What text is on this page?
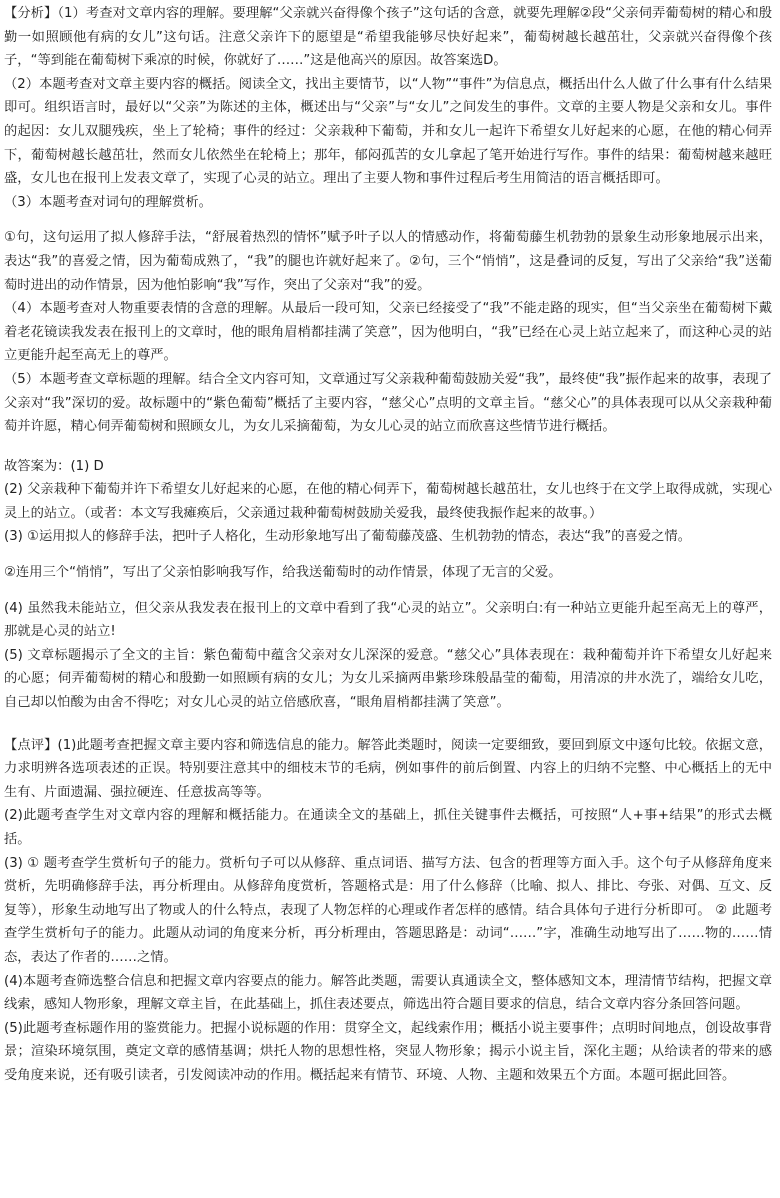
【分析】（1）考查对文章内容的理解。要理解“父亲就兴奋得像个孩子”这句话的含意，就要先理解②段“父亲伺弄葡萄树的精心和殷勤一如照顾他有病的女儿”这句话。注意父亲许下的愿望是“希望我能够尽快好起来”，葡萄树越长越茁壮，父亲就兴奋得像个孩子，“等到能在葡萄树下乘凉的时候，你就好了……”这是他高兴的原因。故答案选D。

（2）本题考查对文章主要内容的概括。阅读全文，找出主要情节，以“人物”“事件”为信息点，概括出什么人做了什么事有什么结果即可。组织语言时，最好以“父亲”为陈述的主体，概述出与“父亲”与“女儿”之间发生的事件。文章的主要人物是父亲和女儿。事件的起因：女儿双腿残疾，坐上了轮椅；事件的经过：父亲栽种下葡萄，并和女儿一起许下希望女儿好起来的心愿，在他的精心伺弄下，葡萄树越长越茁壮，然而女儿依然坐在轮椅上；那年，郁闷孤苦的女儿拿起了笔开始进行写作。事件的结果：葡萄树越来越旺盛，女儿也在报刊上发表文章了，实现了心灵的站立。理出了主要人物和事件过程后考生用简洁的语言概括即可。

（3）本题考查对词句的理解赏析。

①句，这句运用了拟人修辞手法，“舒展着热烈的情怀”赋予叶子以人的情感动作，将葡萄藤生机勃勃的景象生动形象地展示出来，表达“我”的喜爱之情，因为葡萄成熟了，“我”的腿也许就好起来了。②句，三个“悄悄”，这是叠词的反复，写出了父亲给“我”送葡萄时进出的动作情景，因为他怕影响“我”写作，突出了父亲对“我”的爱。

（4）本题考查对人物重要表情的含意的理解。从最后一段可知，父亲已经接受了“我”不能走路的现实，但“当父亲坐在葡萄树下戴着老花镜读我发表在报刊上的文章时，他的眼角眉梢都挂满了笑意”，因为他明白，“我”已经在心灵上站立起来了，而这种心灵的站立更能升起至高无上的尊严。

（5）本题考查文章标题的理解。结合全文内容可知，文章通过写父亲栽种葡萄鼓励关爱“我”，最终使“我”振作起来的故事，表现了父亲对“我”深切的爱。故标题中的“紫色葡萄”概括了主要内容，“慈父心”点明的文章主旨。“慈父心”的具体表现可以从父亲栽种葡萄并许愿，精心伺弄葡萄树和照顾女儿，为女儿采摘葡萄，为女儿心灵的站立而欣喜这些情节进行概括。

故答案为：(1) D

(2) 父亲栽种下葡萄并许下希望女儿好起来的心愿，在他的精心伺弄下，葡萄树越长越茁壮，女儿也终于在文学上取得成就，实现心灵上的站立。（或者：本文写我瘫痪后，父亲通过栽种葡萄树鼓励关爱我，最终使我振作起来的故事。）

(3) ①运用拟人的修辞手法，把叶子人格化，生动形象地写出了葡萄藤茂盛、生机勃勃的情态，表达“我”的喜爱之情。

②连用三个“悄悄”，写出了父亲怕影响我写作，给我送葡萄时的动作情景，体现了无言的父爱。

(4) 虽然我未能站立，但父亲从我发表在报刊上的文章中看到了我“心灵的站立”。父亲明白:有一种站立更能升起至高无上的尊严，那就是心灵的站立!

(5) 文章标题揭示了全文的主旨：紫色葡萄中蕴含父亲对女儿深深的爱意。“慈父心”具体表现在：栽种葡萄并许下希望女儿好起来的心愿；伺弄葡萄树的精心和殷勤一如照顾有病的女儿；为女儿采摘两串紫珍珠般晶莹的葡萄，用清凉的井水洗了，端给女儿吃，自己却以怕酸为由舍不得吃；对女儿心灵的站立倍感欣喜，“眼角眉梢都挂满了笑意”。

【点评】(1)此题考查把握文章主要内容和筛选信息的能力。解答此类题时，阅读一定要细致，要回到原文中逐句比较。依据文意，力求明辨各选项表述的正误。特别要注意其中的细枝末节的毛病，例如事件的前后倒置、内容上的归纳不完整、中心概括上的无中生有、片面遗漏、强拉硬连、任意拔高等等。

(2)此题考查学生对文章内容的理解和概括能力。在通读全文的基础上，抓住关键事件去概括，可按照“人+事+结果”的形式去概括。

(3) ① 题考查学生赏析句子的能力。赏析句子可以从修辞、重点词语、描写方法、包含的哲理等方面入手。这个句子从修辞角度来赏析，先明确修辞手法，再分析理由。从修辞角度赏析，答题格式是：用了什么修辞（比喻、拟人、排比、夸张、对偶、互文、反复等），形象生动地写出了物或人的什么特点，表现了人物怎样的心理或作者怎样的感情。结合具体句子进行分析即可。 ② 此题考查学生赏析句子的能力。此题从动词的角度来分析，再分析理由，答题思路是：动词“……”字，准确生动地写出了……物的……情态，表达了作者的……之情。

(4)本题考查筛选整合信息和把握文章内容要点的能力。解答此类题，需要认真通读全文，整体感知文本，理清情节结构，把握文章线索，感知人物形象，理解文章主旨，在此基础上，抓住表述要点，筛选出符合题目要求的信息，结合文章内容分条回答问题。

(5)此题考查标题作用的鉴赏能力。把握小说标题的作用：贯穿全文，起线索作用；概括小说主要事件；点明时间地点，创设故事背景；渲染环境氛围，奠定文章的感情基调；烘托人物的思想性格，突显人物形象；揭示小说主旨，深化主题；从给读者的带来的感受角度来说，还有吸引读者，引发阅读冲动的作用。概括起来有情节、环境、人物、主题和效果五个方面。本题可据此回答。
